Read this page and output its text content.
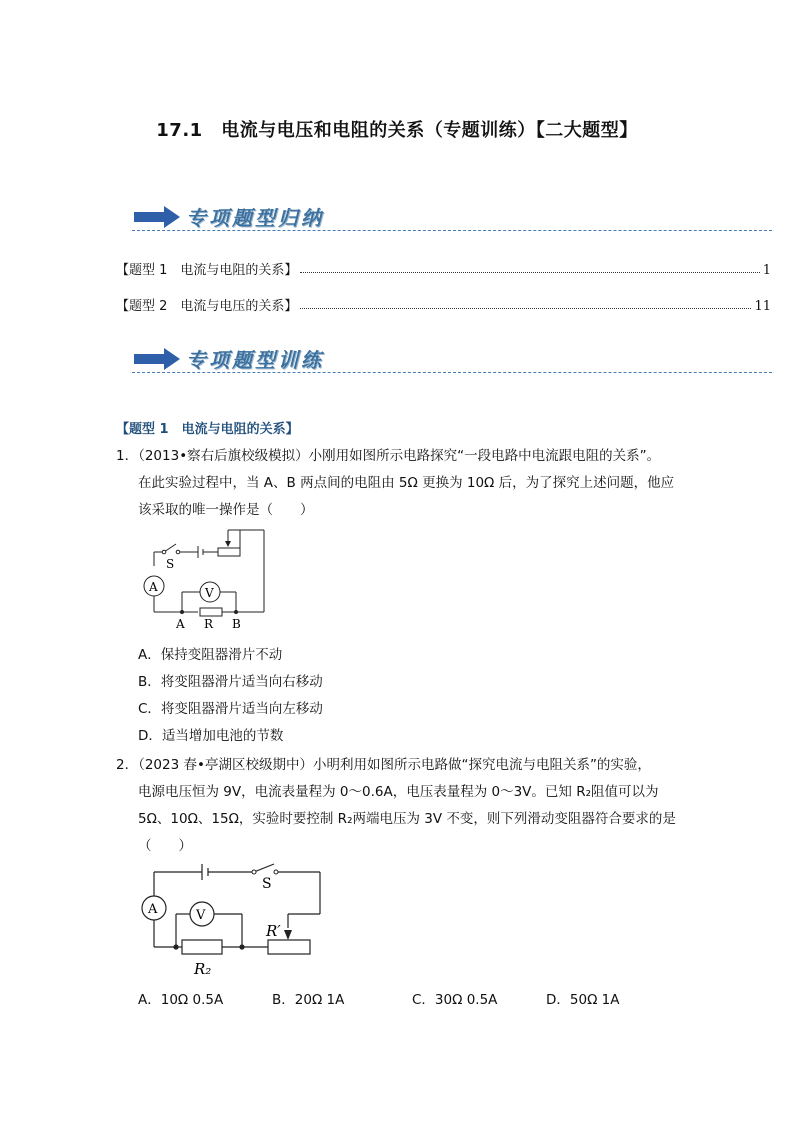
17.1　电流与电压和电阻的关系（专题训练）【二大题型】
专项题型归纳
【题型 1　电流与电阻的关系】	1
【题型 2　电流与电压的关系】	11
专项题型训练
【题型 1　电流与电阻的关系】
1．（2013•察右后旗校级模拟）小刚用如图所示电路探究“一段电路中电流跟电阻的关系”。
在此实验过程中，当 A、B 两点间的电阻由 5Ω 更换为 10Ω 后，为了探究上述问题，他应
该采取的唯一操作是（　　）
S
A	V
A R B
A．保持变阻器滑片不动
B．将变阻器滑片适当向右移动
C．将变阻器滑片适当向左移动
D．适当增加电池的节数
2．（2023 春•亭湖区校级期中）小明利用如图所示电路做“探究电流与电阻关系”的实验，
电源电压恒为 9V，电流表量程为 0～0.6A，电压表量程为 0～3V。已知 R₂阻值可以为
5Ω、10Ω、15Ω，实验时要控制 R₂两端电压为 3V 不变，则下列滑动变阻器符合要求的是
（　　）
S
A	V
R′
R₂
A．10Ω 0.5A	B．20Ω 1A	C．30Ω 0.5A	D．50Ω 1A
